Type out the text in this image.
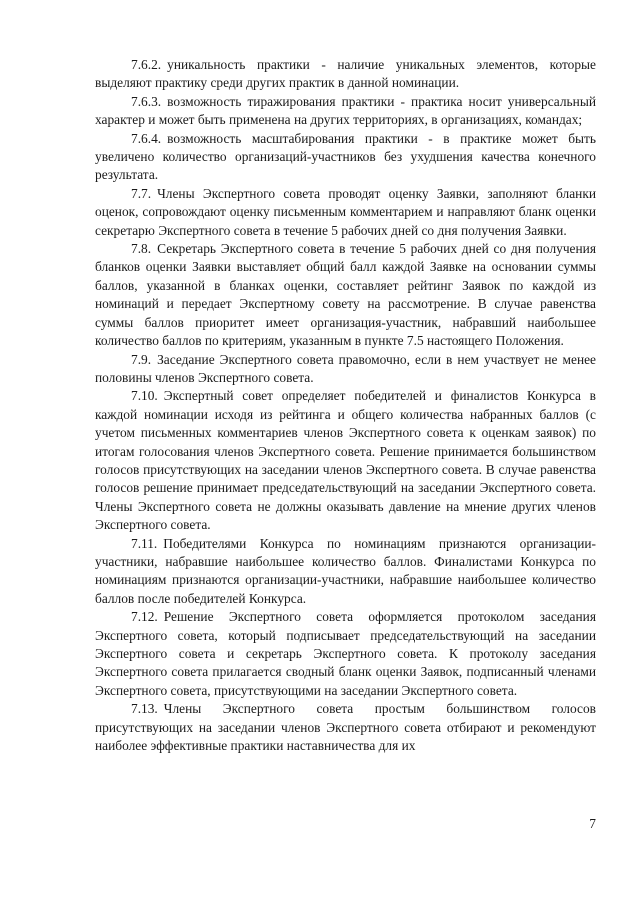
7.6.2. уникальность практики - наличие уникальных элементов, которые выделяют практику среди других практик в данной номинации.

7.6.3. возможность тиражирования практики - практика носит универсальный характер и может быть применена на других территориях, в организациях, командах;

7.6.4. возможность масштабирования практики - в практике может быть увеличено количество организаций-участников без ухудшения качества конечного результата.

7.7. Члены Экспертного совета проводят оценку Заявки, заполняют бланки оценок, сопровождают оценку письменным комментарием и направляют бланк оценки секретарю Экспертного совета в течение 5 рабочих дней со дня получения Заявки.

7.8. Секретарь Экспертного совета в течение 5 рабочих дней со дня получения бланков оценки Заявки выставляет общий балл каждой Заявке на основании суммы баллов, указанной в бланках оценки, составляет рейтинг Заявок по каждой из номинаций и передает Экспертному совету на рассмотрение. В случае равенства суммы баллов приоритет имеет организация-участник, набравший наибольшее количество баллов по критериям, указанным в пункте 7.5 настоящего Положения.

7.9. Заседание Экспертного совета правомочно, если в нем участвует не менее половины членов Экспертного совета.

7.10. Экспертный совет определяет победителей и финалистов Конкурса в каждой номинации исходя из рейтинга и общего количества набранных баллов (с учетом письменных комментариев членов Экспертного совета к оценкам заявок) по итогам голосования членов Экспертного совета. Решение принимается большинством голосов присутствующих на заседании членов Экспертного совета. В случае равенства голосов решение принимает председательствующий на заседании Экспертного совета. Члены Экспертного совета не должны оказывать давление на мнение других членов Экспертного совета.

7.11. Победителями Конкурса по номинациям признаются организации-участники, набравшие наибольшее количество баллов. Финалистами Конкурса по номинациям признаются организации-участники, набравшие наибольшее количество баллов после победителей Конкурса.

7.12. Решение Экспертного совета оформляется протоколом заседания Экспертного совета, который подписывает председательствующий на заседании Экспертного совета и секретарь Экспертного совета. К протоколу заседания Экспертного совета прилагается сводный бланк оценки Заявок, подписанный членами Экспертного совета, присутствующими на заседании Экспертного совета.

7.13. Члены Экспертного совета простым большинством голосов присутствующих на заседании членов Экспертного совета отбирают и рекомендуют наиболее эффективные практики наставничества для их

7
